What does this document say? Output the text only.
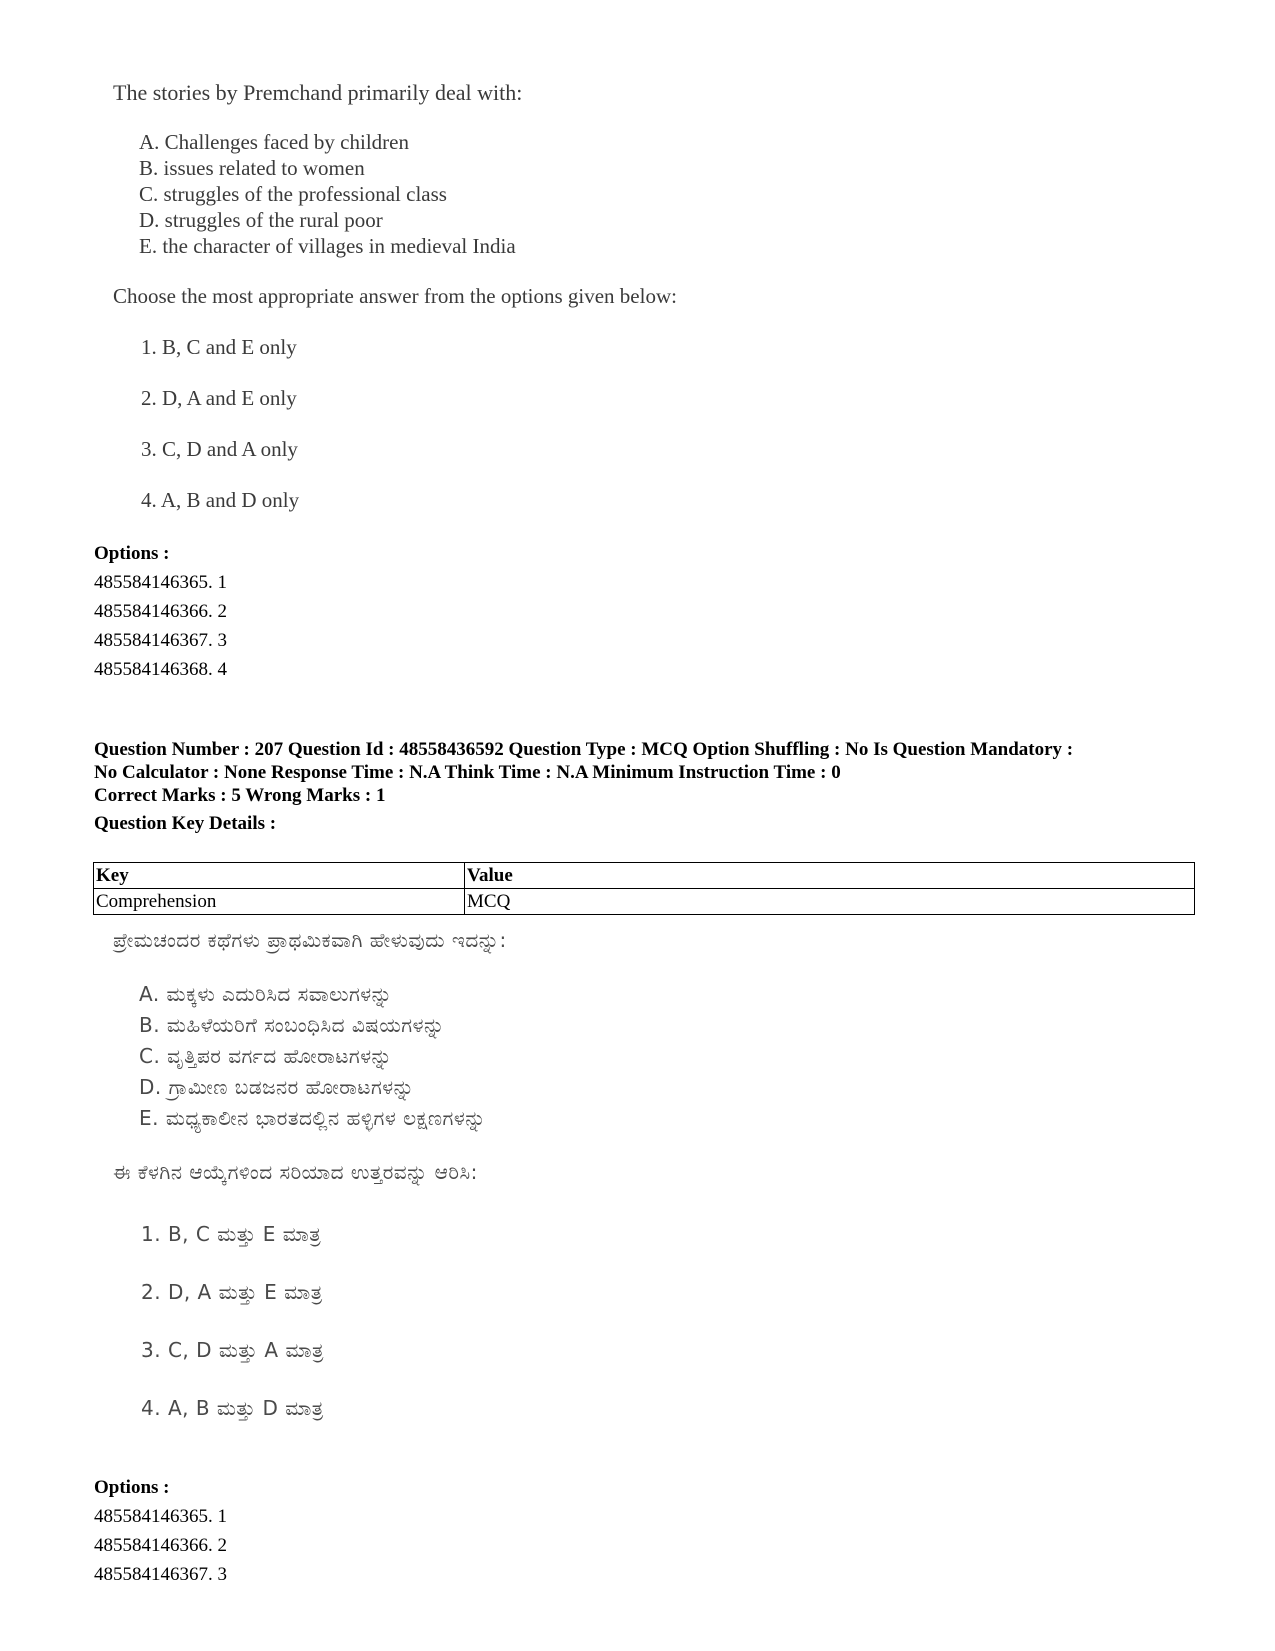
The stories by Premchand primarily deal with:
A. Challenges faced by children
B. issues related to women
C. struggles of the professional class
D. struggles of the rural poor
E. the character of villages in medieval India
Choose the most appropriate answer from the options given below:
1. B, C and E only
2. D, A and E only
3. C, D and A only
4. A, B and D only
Options :
485584146365. 1
485584146366. 2
485584146367. 3
485584146368. 4
Question Number : 207 Question Id : 48558436592 Question Type : MCQ Option Shuffling : No Is Question Mandatory :
No Calculator : None Response Time : N.A Think Time : N.A Minimum Instruction Time : 0
Correct Marks : 5 Wrong Marks : 1
Question Key Details :
Key	Value
Comprehension	MCQ
ಪ್ರೇಮಚಂದರ ಕಥೆಗಳು ಪ್ರಾಥಮಿಕವಾಗಿ ಹೇಳುವುದು ಇದನ್ನು:
A. ಮಕ್ಕಳು ಎದುರಿಸಿದ ಸವಾಲುಗಳನ್ನು
B. ಮಹಿಳೆಯರಿಗೆ ಸಂಬಂಧಿಸಿದ ವಿಷಯಗಳನ್ನು
C. ವೃತ್ತಿಪರ ವರ್ಗದ ಹೋರಾಟಗಳನ್ನು
D. ಗ್ರಾಮೀಣ ಬಡಜನರ ಹೋರಾಟಗಳನ್ನು
E. ಮಧ್ಯಕಾಲೀನ ಭಾರತದಲ್ಲಿನ ಹಳ್ಳಿಗಳ ಲಕ್ಷಣಗಳನ್ನು
ಈ ಕೆಳಗಿನ ಆಯ್ಕೆಗಳಿಂದ ಸರಿಯಾದ ಉತ್ತರವನ್ನು ಆರಿಸಿ:
1. B, C ಮತ್ತು E ಮಾತ್ರ
2. D, A ಮತ್ತು E ಮಾತ್ರ
3. C, D ಮತ್ತು A ಮಾತ್ರ
4. A, B ಮತ್ತು D ಮಾತ್ರ
Options :
485584146365. 1
485584146366. 2
485584146367. 3
